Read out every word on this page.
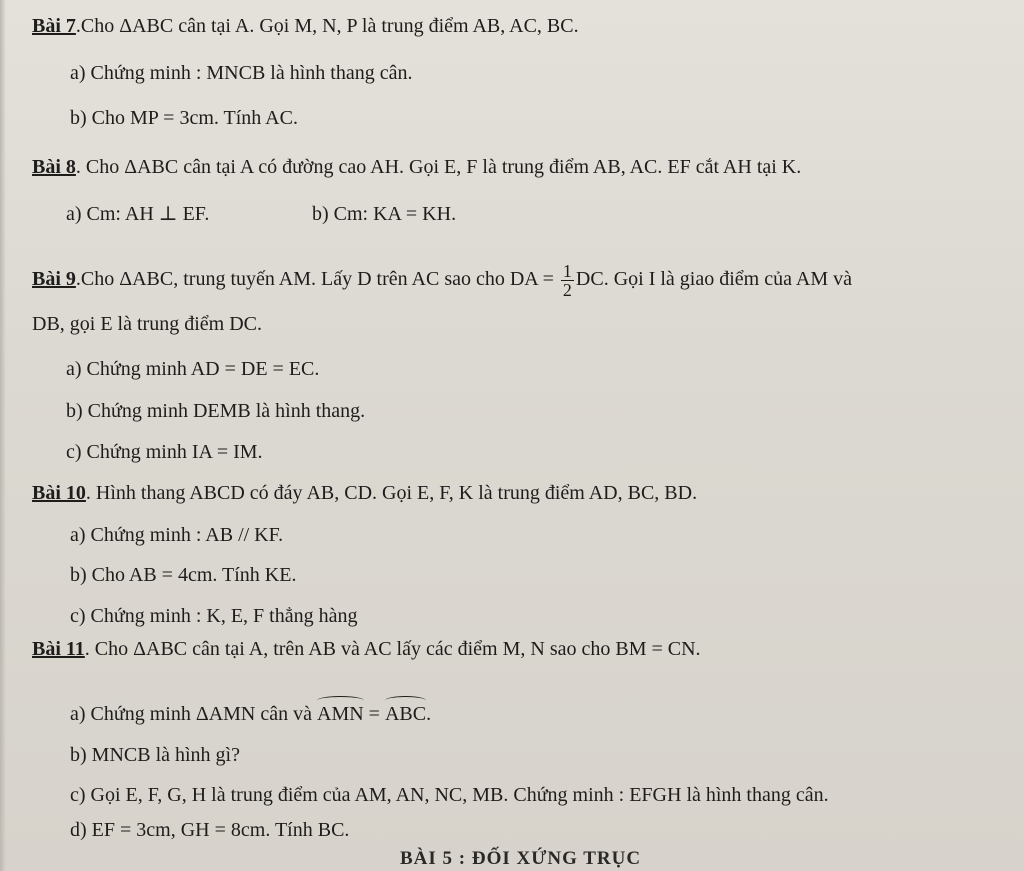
Bài 7.Cho ΔABC cân tại A. Gọi M, N, P là trung điểm AB, AC, BC.
a) Chứng minh : MNCB là hình thang cân.
b) Cho MP = 3cm. Tính AC.
Bài 8. Cho ΔABC cân tại A có đường cao AH. Gọi E, F là trung điểm AB, AC. EF cắt AH tại K.
a) Cm: AH ⊥ EF.	b) Cm: KA = KH.
Bài 9.Cho ΔABC, trung tuyến AM. Lấy D trên AC sao cho DA = $\frac{1}{2}$ DC. Gọi I là giao điểm của AM và
DB, gọi E là trung điểm DC.
a) Chứng minh AD = DE = EC.
b) Chứng minh DEMB là hình thang.
c) Chứng minh IA = IM.
Bài 10. Hình thang ABCD có đáy AB, CD. Gọi E, F, K là trung điểm AD, BC, BD.
a) Chứng minh : AB // KF.
b) Cho AB = 4cm. Tính KE.
c) Chứng minh : K, E, F thẳng hàng
Bài 11. Cho ΔABC cân tại A, trên AB và AC lấy các điểm M, N sao cho BM = CN.
a) Chứng minh ΔAMN cân và AMN = ABC.
b) MNCB là hình gì?
c) Gọi E, F, G, H là trung điểm của AM, AN, NC, MB. Chứng minh : EFGH là hình thang cân.
d) EF = 3cm, GH = 8cm. Tính BC.
BÀI 5 : ĐỐI XỨNG TRỤC
